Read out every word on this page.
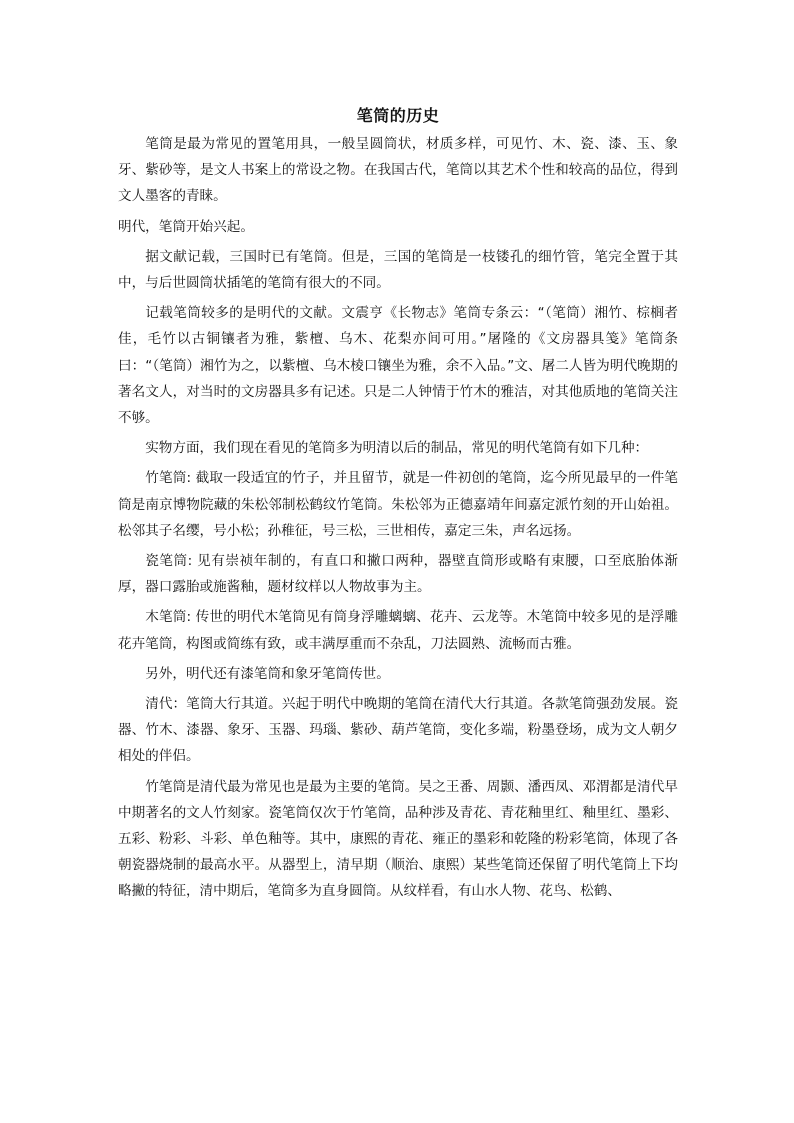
笔筒的历史

笔筒是最为常见的置笔用具，一般呈圆筒状，材质多样，可见竹、木、瓷、漆、玉、象牙、紫砂等，是文人书案上的常设之物。在我国古代，笔筒以其艺术个性和较高的品位，得到文人墨客的青睐。

明代，笔筒开始兴起。

据文献记载，三国时已有笔筒。但是，三国的笔筒是一枝镂孔的细竹管，笔完全置于其中，与后世圆筒状插笔的笔筒有很大的不同。

记载笔筒较多的是明代的文献。文震亨《长物志》笔筒专条云：“（笔筒）湘竹、棕榈者佳，毛竹以古铜镶者为雅，紫檀、乌木、花梨亦间可用。”屠隆的《文房器具笺》笔筒条曰：“（笔筒）湘竹为之，以紫檀、乌木棱口镶坐为雅，余不入品。”文、屠二人皆为明代晚期的著名文人，对当时的文房器具多有记述。只是二人钟情于竹木的雅洁，对其他质地的笔筒关注不够。

实物方面，我们现在看见的笔筒多为明清以后的制品，常见的明代笔筒有如下几种：

竹笔筒: 截取一段适宜的竹子，并且留节，就是一件初创的笔筒，迄今所见最早的一件笔筒是南京博物院藏的朱松邻制松鹤纹竹笔筒。朱松邻为正德嘉靖年间嘉定派竹刻的开山始祖。松邻其子名缨，号小松；孙稚征，号三松，三世相传，嘉定三朱，声名远扬。

瓷笔筒: 见有崇祯年制的，有直口和撇口两种，器壁直筒形或略有束腰，口至底胎体渐厚，器口露胎或施酱釉，题材纹样以人物故事为主。

木笔筒: 传世的明代木笔筒见有筒身浮雕螭螭、花卉、云龙等。木笔筒中较多见的是浮雕花卉笔筒，构图或简练有致，或丰满厚重而不杂乱，刀法圆熟、流畅而古雅。

另外，明代还有漆笔筒和象牙笔筒传世。

清代：笔筒大行其道。兴起于明代中晚期的笔筒在清代大行其道。各款笔筒强劲发展。瓷器、竹木、漆器、象牙、玉器、玛瑙、紫砂、葫芦笔筒，变化多端，粉墨登场，成为文人朝夕相处的伴侣。

竹笔筒是清代最为常见也是最为主要的笔筒。吴之王番、周颢、潘西凤、邓渭都是清代早中期著名的文人竹刻家。瓷笔筒仅次于竹笔筒，品种涉及青花、青花釉里红、釉里红、墨彩、五彩、粉彩、斗彩、单色釉等。其中，康熙的青花、雍正的墨彩和乾隆的粉彩笔筒，体现了各朝瓷器烧制的最高水平。从器型上，清早期（顺治、康熙）某些笔筒还保留了明代笔筒上下均略撇的特征，清中期后，笔筒多为直身圆筒。从纹样看，有山水人物、花鸟、松鹤、
